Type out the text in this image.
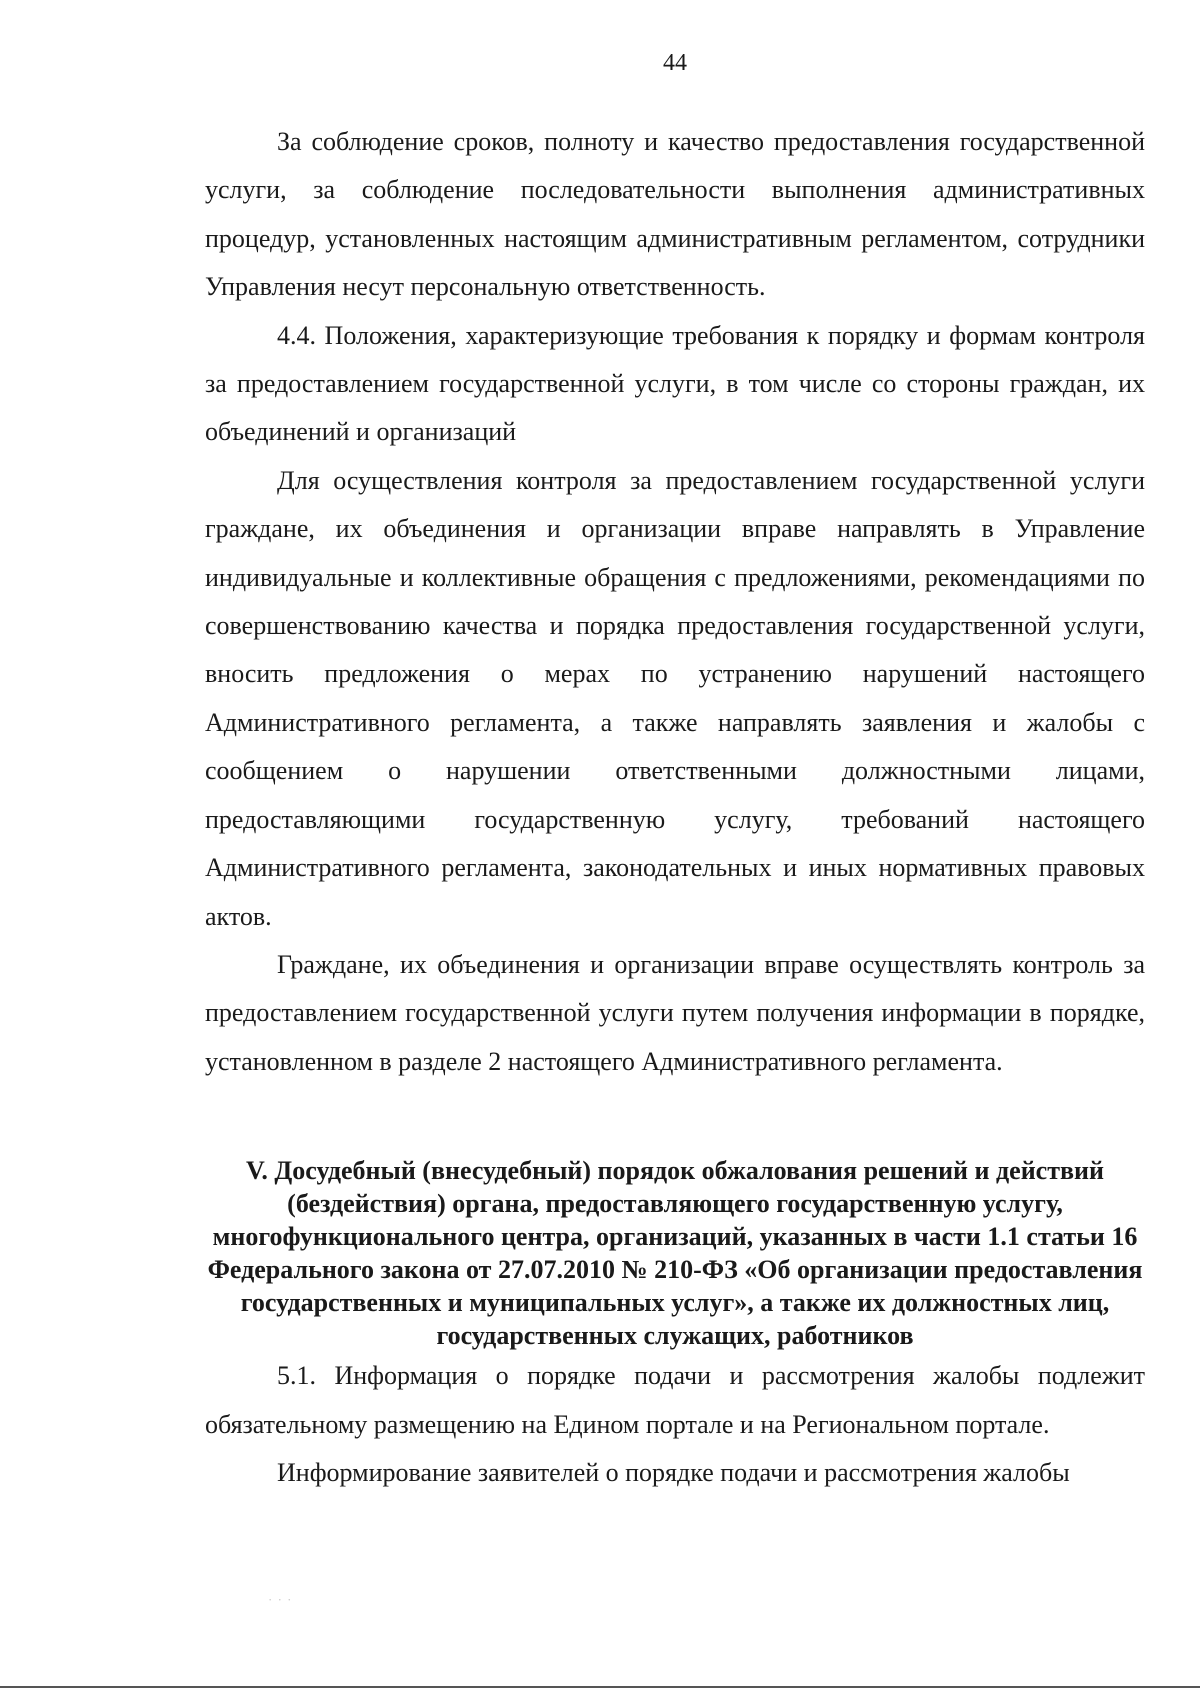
44

За соблюдение сроков, полноту и качество предоставления государственной услуги, за соблюдение последовательности выполнения административных процедур, установленных настоящим административным регламентом, сотрудники Управления несут персональную ответственность.

4.4. Положения, характеризующие требования к порядку и формам контроля за предоставлением государственной услуги, в том числе со стороны граждан, их объединений и организаций

Для осуществления контроля за предоставлением государственной услуги граждане, их объединения и организации вправе направлять в Управление индивидуальные и коллективные обращения с предложениями, рекомендациями по совершенствованию качества и порядка предоставления государственной услуги, вносить предложения о мерах по устранению нарушений настоящего Административного регламента, а также направлять заявления и жалобы с сообщением о нарушении ответственными должностными лицами, предоставляющими государственную услугу, требований настоящего Административного регламента, законодательных и иных нормативных правовых актов.

Граждане, их объединения и организации вправе осуществлять контроль за предоставлением государственной услуги путем получения информации в порядке, установленном в разделе 2 настоящего Административного регламента.

V. Досудебный (внесудебный) порядок обжалования решений и действий (бездействия) органа, предоставляющего государственную услугу, многофункционального центра, организаций, указанных в части 1.1 статьи 16 Федерального закона от 27.07.2010 № 210-ФЗ «Об организации предоставления государственных и муниципальных услуг», а также их должностных лиц, государственных служащих, работников

5.1. Информация о порядке подачи и рассмотрения жалобы подлежит обязательному размещению на Едином портале и на Региональном портале.

Информирование заявителей о порядке подачи и рассмотрения жалобы

· · ·
